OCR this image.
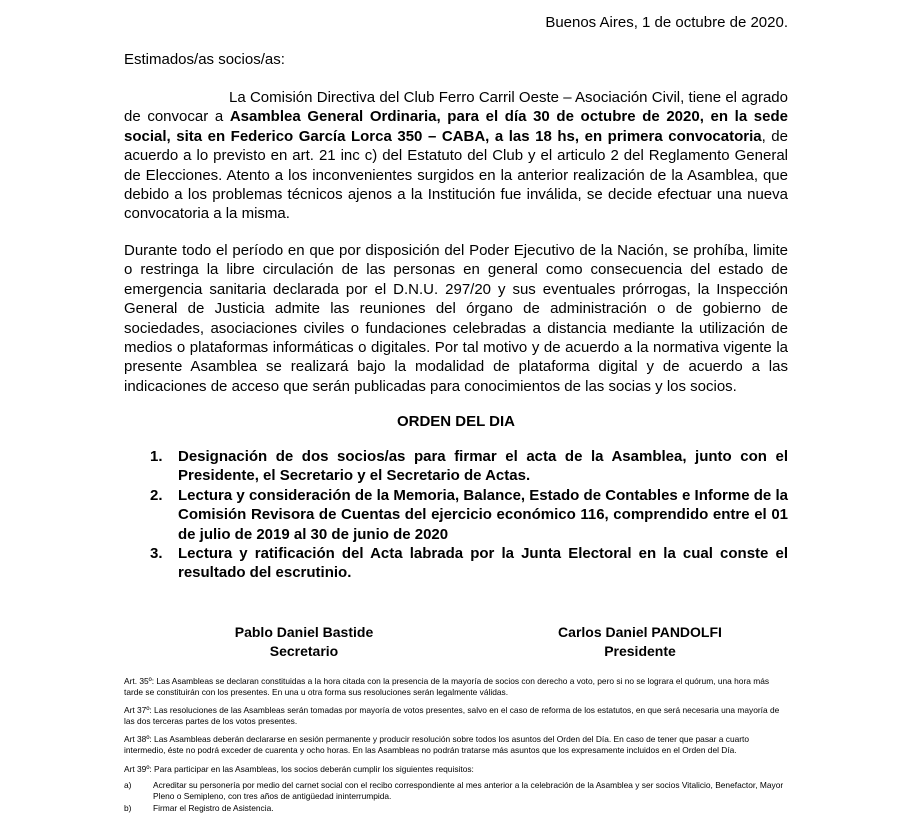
Buenos Aires, 1 de octubre de 2020.
Estimados/as socios/as:
La Comisión Directiva del Club Ferro Carril Oeste – Asociación Civil, tiene el agrado de convocar a Asamblea General Ordinaria, para el día 30 de octubre de 2020, en la sede social, sita en Federico García Lorca 350 – CABA, a las 18 hs, en primera convocatoria, de acuerdo a lo previsto en art. 21 inc c) del Estatuto del Club y el articulo 2 del Reglamento General de Elecciones. Atento a los inconvenientes surgidos en la anterior realización de la Asamblea, que debido a los problemas técnicos ajenos a la Institución fue inválida, se decide efectuar una nueva convocatoria a la misma.
Durante todo el período en que por disposición del Poder Ejecutivo de la Nación, se prohíba, limite o restringa la libre circulación de las personas en general como consecuencia del estado de emergencia sanitaria declarada por el D.N.U. 297/20 y sus eventuales prórrogas, la Inspección General de Justicia admite las reuniones del órgano de administración o de gobierno de sociedades, asociaciones civiles o fundaciones celebradas a distancia mediante la utilización de medios o plataformas informáticas o digitales. Por tal motivo y de acuerdo a la normativa vigente la presente Asamblea se realizará bajo la modalidad de plataforma digital y de acuerdo a las indicaciones de acceso que serán publicadas para conocimientos de las socias y los socios.
ORDEN DEL DIA
1. Designación de dos socios/as para firmar el acta de la Asamblea, junto con el Presidente, el Secretario y el Secretario de Actas.
2. Lectura y consideración de la Memoria, Balance, Estado de Contables e Informe de la Comisión Revisora de Cuentas del ejercicio económico 116, comprendido entre el 01 de julio de 2019 al 30 de junio de 2020
3. Lectura y ratificación del Acta labrada por la Junta Electoral en la cual conste el resultado del escrutinio.
Pablo Daniel Bastide
Secretario
Carlos Daniel PANDOLFI
Presidente
Art. 35º: Las Asambleas se declaran constituidas a la hora citada con la presencia de la mayoría de socios con derecho a voto, pero si no se lograra el quórum, una hora más tarde se constituirán con los presentes. En una u otra forma sus resoluciones serán legalmente válidas.
Art 37º: Las resoluciones de las Asambleas serán tomadas por mayoría de votos presentes, salvo en el caso de reforma de los estatutos, en que será necesaria una mayoría de las dos terceras partes de los votos presentes.
Art 38º: Las Asambleas deberán declararse en sesión permanente y producir resolución sobre todos los asuntos del Orden del Día. En caso de tener que pasar a cuarto intermedio, éste no podrá exceder de cuarenta y ocho horas. En las Asambleas no podrán tratarse más asuntos que los expresamente incluidos en el Orden del Día.
Art 39º: Para participar en las Asambleas, los socios deberán cumplir los siguientes requisitos:
a)	Acreditar su personería por medio del carnet social con el recibo correspondiente al mes anterior a la celebración de la Asamblea y ser socios Vitalicio, Benefactor, Mayor Pleno o Semipleno, con tres años de antigüedad ininterrumpida.
b)	Firmar el Registro de Asistencia.
